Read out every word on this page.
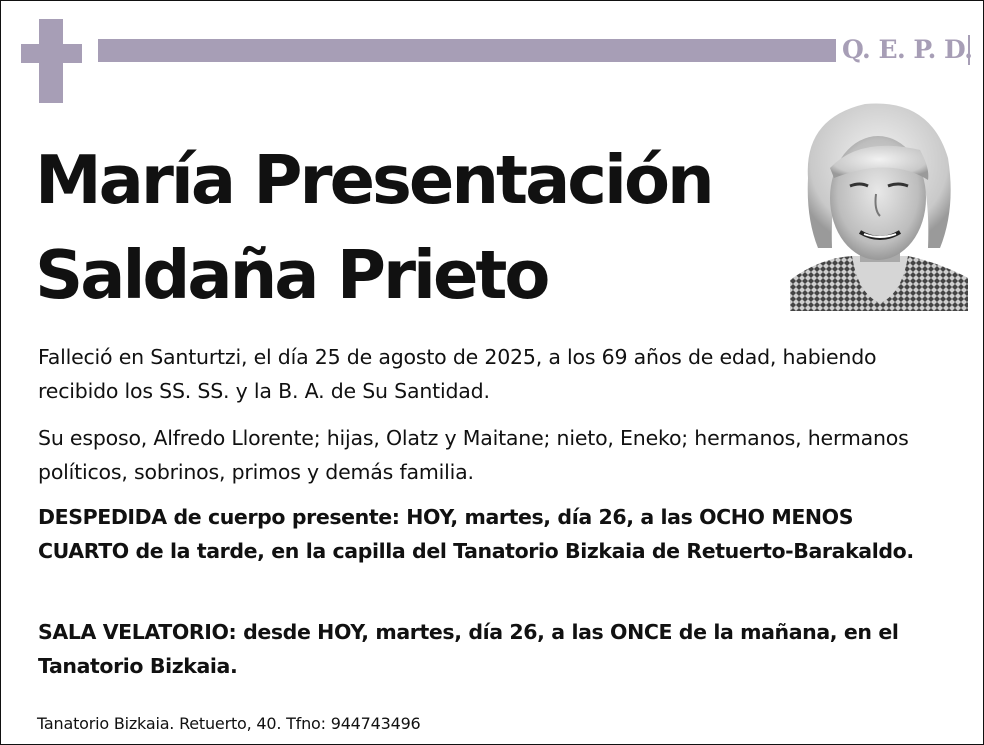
Q. E. P. D.
María Presentación
Saldaña Prieto
Falleció en Santurtzi, el día 25 de agosto de 2025, a los 69 años de edad, habiendo recibido los SS. SS. y la B. A. de Su Santidad.
Su esposo, Alfredo Llorente; hijas, Olatz y Maitane; nieto, Eneko; hermanos, hermanos políticos, sobrinos, primos y demás familia.
DESPEDIDA de cuerpo presente: HOY, martes, día 26, a las OCHO MENOS CUARTO de la tarde, en la capilla del Tanatorio Bizkaia de Retuerto-Barakaldo.
SALA VELATORIO: desde HOY, martes, día 26, a las ONCE de la mañana, en el Tanatorio Bizkaia.
Tanatorio Bizkaia. Retuerto, 40. Tfno: 944743496
